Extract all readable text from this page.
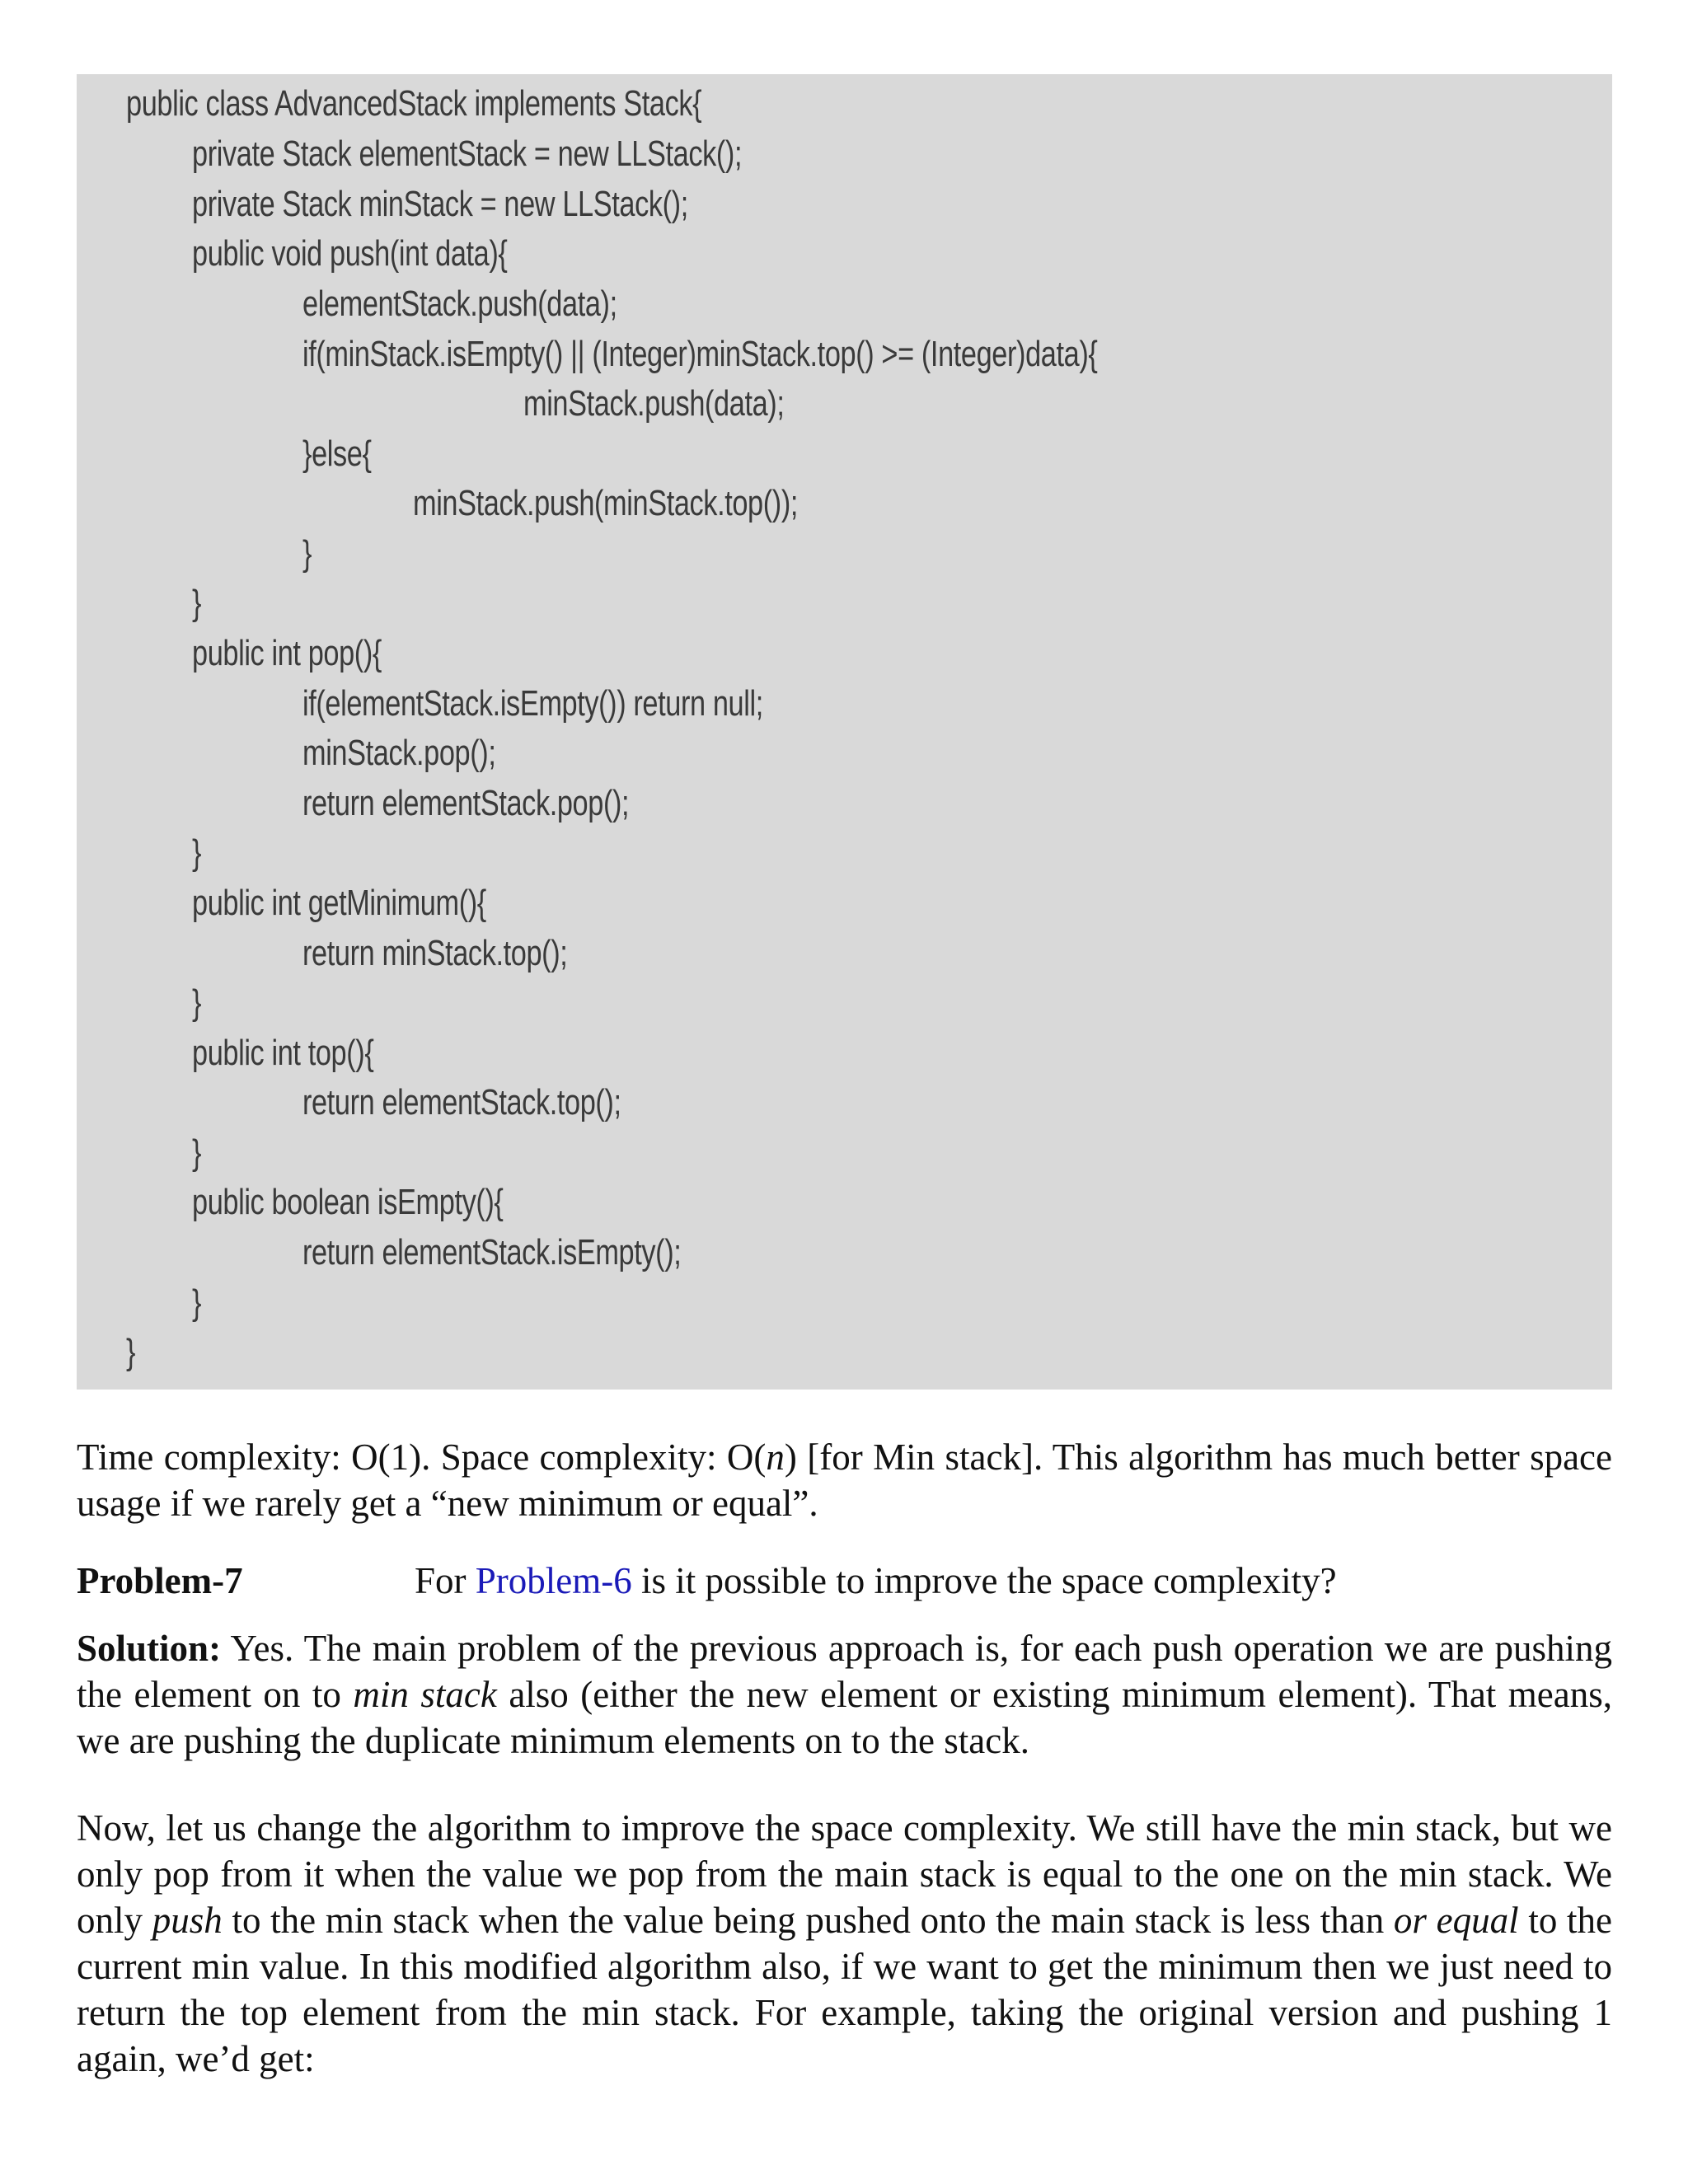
public class AdvancedStack implements Stack{
private Stack elementStack = new LLStack();
private Stack minStack = new LLStack();
public void push(int data){
elementStack.push(data);
if(minStack.isEmpty() || (Integer)minStack.top() >= (Integer)data){
minStack.push(data);
}else{
minStack.push(minStack.top());
}
}
public int pop(){
if(elementStack.isEmpty()) return null;
minStack.pop();
return elementStack.pop();
}
public int getMinimum(){
return minStack.top();
}
public int top(){
return elementStack.top();
}
public boolean isEmpty(){
return elementStack.isEmpty();
}
}
Time complexity: O(1). Space complexity: O(n) [for Min stack]. This algorithm has much better space usage if we rarely get a “new minimum or equal”.
Problem-7	For Problem-6 is it possible to improve the space complexity?
Solution: Yes. The main problem of the previous approach is, for each push operation we are pushing the element on to min stack also (either the new element or existing minimum element). That means, we are pushing the duplicate minimum elements on to the stack.
Now, let us change the algorithm to improve the space complexity. We still have the min stack, but we only pop from it when the value we pop from the main stack is equal to the one on the min stack. We only push to the min stack when the value being pushed onto the main stack is less than or equal to the current min value. In this modified algorithm also, if we want to get the minimum then we just need to return the top element from the min stack. For example, taking the original version and pushing 1 again, we’d get:
